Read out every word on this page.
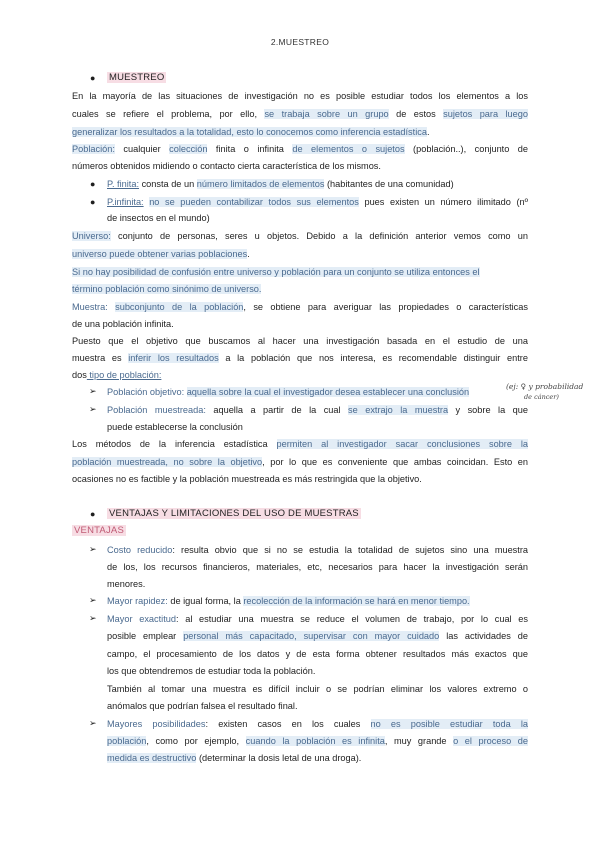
2.MUESTREO
● MUESTREO
En la mayoría de las situaciones de investigación no es posible estudiar todos los elementos a los
cuales se refiere el problema, por ello, se trabaja sobre un grupo de estos sujetos para luego
generalizar los resultados a la totalidad, esto lo conocemos como inferencia estadística.
Población: cualquier colección finita o infinita de elementos o sujetos (población..), conjunto de
números obtenidos midiendo o contacto cierta característica de los mismos.
● P. finita: consta de un número limitados de elementos (habitantes de una comunidad)
● P.infinita: no se pueden contabilizar todos sus elementos pues existen un número ilimitado (nº
de insectos en el mundo)
Universo: conjunto de personas, seres u objetos. Debido a la definición anterior vemos como un
universo puede obtener varias poblaciones.
Si no hay posibilidad de confusión entre universo y población para un conjunto se utiliza entonces el
término población como sinónimo de universo.
Muestra: subconjunto de la población, se obtiene para averiguar las propiedades o características
de una población infinita.
Puesto que el objetivo que buscamos al hacer una investigación basada en el estudio de una
muestra es inferir los resultados a la población que nos interesa, es recomendable distinguir entre
dos tipo de población:
➢ Población objetivo: aquella sobre la cual el investigador desea establecer una conclusión
(ej: ♀ y probabilidad
de cáncer)
➢ Población muestreada: aquella a partir de la cual se extrajo la muestra y sobre la que
puede establecerse la conclusión
Los métodos de la inferencia estadística permiten al investigador sacar conclusiones sobre la
población muestreada, no sobre la objetivo, por lo que es conveniente que ambas coincidan. Esto en
ocasiones no es factible y la población muestreada es más restringida que la objetivo.
● VENTAJAS Y LIMITACIONES DEL USO DE MUESTRAS
VENTAJAS
➢ Costo reducido: resulta obvio que si no se estudia la totalidad de sujetos sino una muestra
de los, los recursos financieros, materiales, etc, necesarios para hacer la investigación serán
menores.
➢ Mayor rapidez: de igual forma, la recolección de la información se hará en menor tiempo.
➢ Mayor exactitud: al estudiar una muestra se reduce el volumen de trabajo, por lo cual es
posible emplear personal más capacitado, supervisar con mayor cuidado las actividades de
campo, el procesamiento de los datos y de esta forma obtener resultados más exactos que
los que obtendremos de estudiar toda la población.
También al tomar una muestra es difícil incluir o se podrían eliminar los valores extremo o
anómalos que podrían falsea el resultado final.
➢ Mayores posibilidades: existen casos en los cuales no es posible estudiar toda la
población, como por ejemplo, cuando la población es infinita, muy grande o el proceso de
medida es destructivo (determinar la dosis letal de una droga).
